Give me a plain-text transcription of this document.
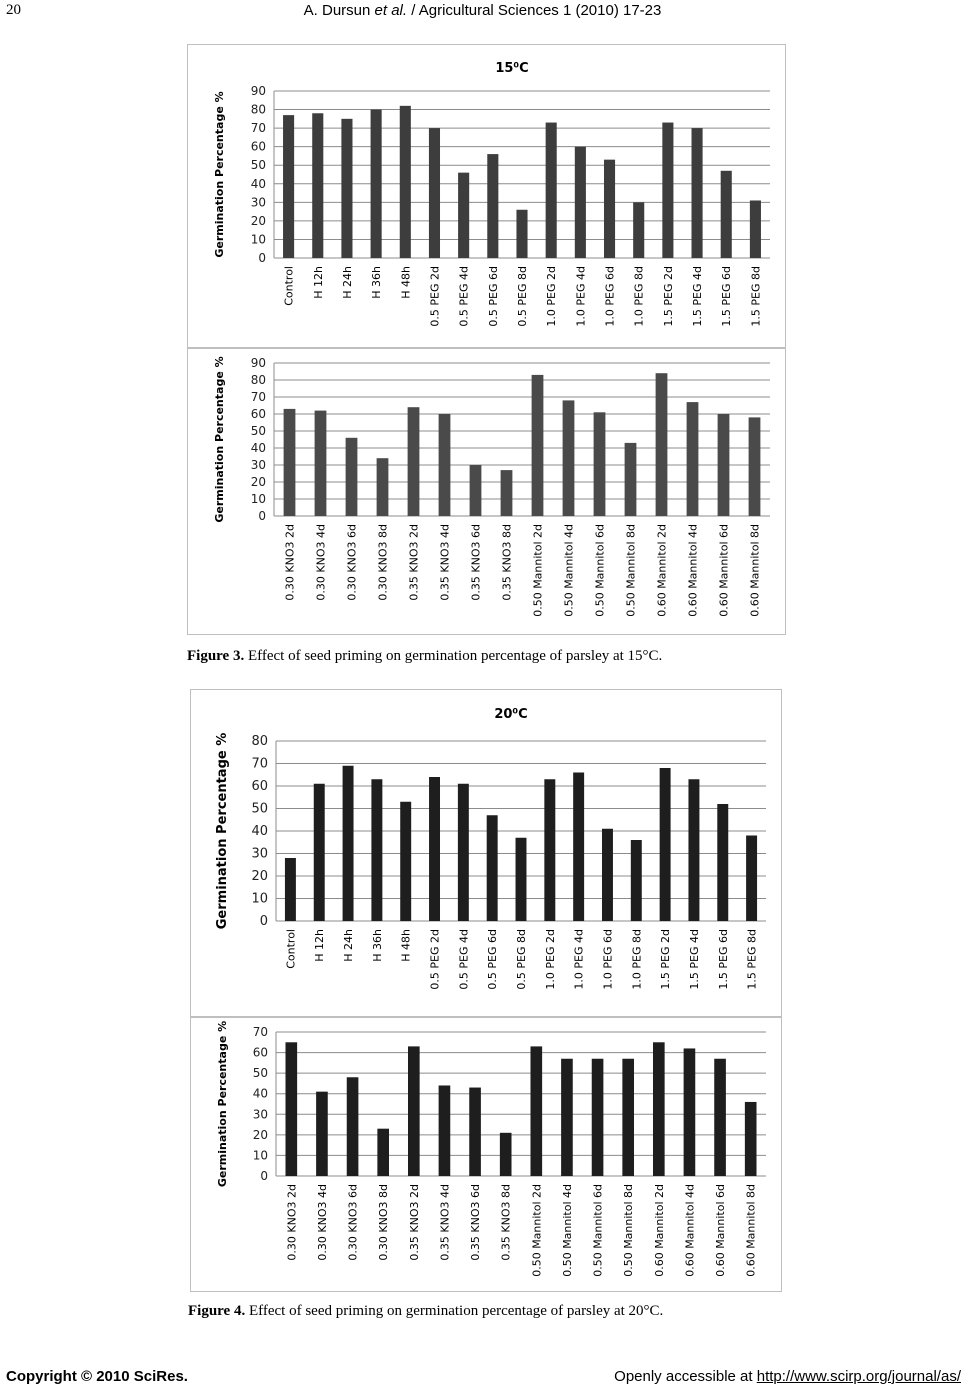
20	A. Dursun et al. / Agricultural Sciences 1 (2010) 17-23
0
10
20
30
40
50
60
70
80
90
15⁰C
Germination Percentage %
Control H 12h H 24h H 36h H 48h 0.5 PEG 2d 0.5 PEG 4d 0.5 PEG 6d 0.5 PEG 8d 1.0 PEG 2d 1.0 PEG 4d 1.0 PEG 6d 1.0 PEG 8d 1.5 PEG 2d 1.5 PEG 4d 1.5 PEG 6d 1.5 PEG 8d
0
10
20
30
40
50
60
70
80
90
Germination Percentage %
0.30 KNO3 2d 0.30 KNO3 4d 0.30 KNO3 6d 0.30 KNO3 8d 0.35 KNO3 2d 0.35 KNO3 4d 0.35 KNO3 6d 0.35 KNO3 8d 0.50 Mannitol 2d 0.50 Mannitol 4d 0.50 Mannitol 6d 0.50 Mannitol 8d 0.60 Mannitol 2d 0.60 Mannitol 4d 0.60 Mannitol 6d 0.60 Mannitol 8d
Figure 3. Effect of seed priming on germination percentage of parsley at 15°C.
0
10
20
30
40
50
60
70
80
20⁰C
Germination Percentage %
Control H 12h H 24h H 36h H 48h 0.5 PEG 2d 0.5 PEG 4d 0.5 PEG 6d 0.5 PEG 8d 1.0 PEG 2d 1.0 PEG 4d 1.0 PEG 6d 1.0 PEG 8d 1.5 PEG 2d 1.5 PEG 4d 1.5 PEG 6d 1.5 PEG 8d
0
10
20
30
40
50
60
70
Germination Percentage %
0.30 KNO3 2d 0.30 KNO3 4d 0.30 KNO3 6d 0.30 KNO3 8d 0.35 KNO3 2d 0.35 KNO3 4d 0.35 KNO3 6d 0.35 KNO3 8d 0.50 Mannitol 2d 0.50 Mannitol 4d 0.50 Mannitol 6d 0.50 Mannitol 8d 0.60 Mannitol 2d 0.60 Mannitol 4d 0.60 Mannitol 6d 0.60 Mannitol 8d
Figure 4. Effect of seed priming on germination percentage of parsley at 20°C.
Copyright © 2010 SciRes.	Openly accessible at http://www.scirp.org/journal/as/
